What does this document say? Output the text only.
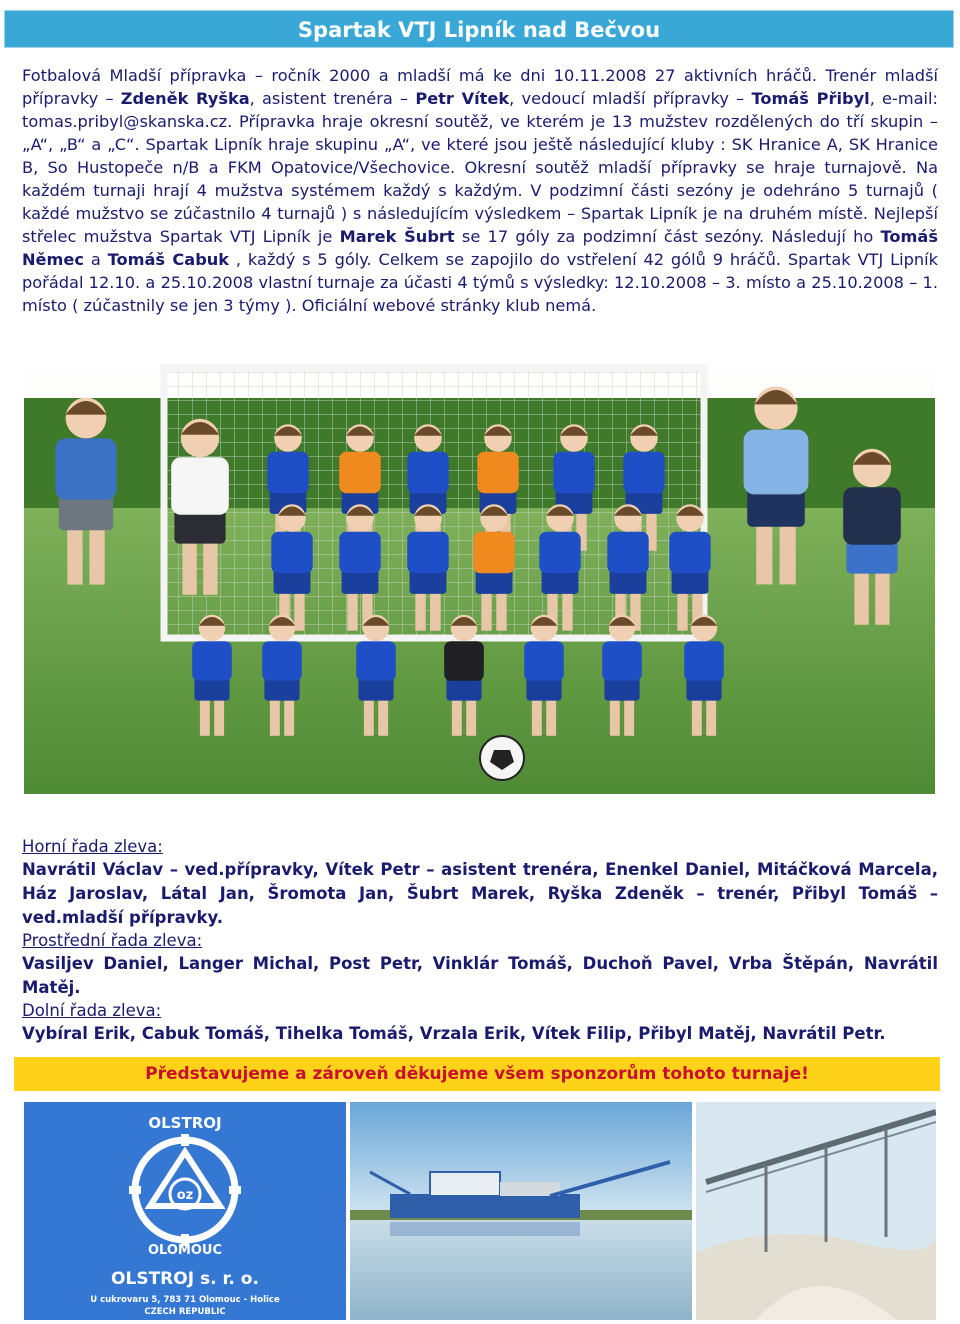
Spartak VTJ Lipník nad Bečvou
Fotbalová Mladší přípravka – ročník 2000 a mladší má ke dni 10.11.2008 27 aktivních hráčů. Trenér mladší přípravky – Zdeněk Ryška, asistent trenéra – Petr Vítek, vedoucí mladší přípravky – Tomáš Přibyl, e-mail: tomas.pribyl@skanska.cz. Přípravka hraje okresní soutěž, ve kterém je 13 mužstev rozdělených do tří skupin – „A“, „B“ a „C“. Spartak Lipník hraje skupinu „A“, ve které jsou ještě následující kluby : SK Hranice A, SK Hranice B, So Hustopeče n/B a FKM Opatovice/Všechovice. Okresní soutěž mladší přípravky se hraje turnajově. Na každém turnaji hrají 4 mužstva systémem každý s každým. V podzimní části sezóny je odehráno 5 turnajů ( každé mužstvo se zúčastnilo 4 turnajů ) s následujícím výsledkem – Spartak Lipník je na druhém místě. Nejlepší střelec mužstva Spartak VTJ Lipník je Marek Šubrt se 17 góly za podzimní část sezóny. Následují ho Tomáš Němec a Tomáš Cabuk , každý s 5 góly. Celkem se zapojilo do vstřelení 42 gólů 9 hráčů. Spartak VTJ Lipník pořádal 12.10. a 25.10.2008 vlastní turnaje za účasti 4 týmů s výsledky: 12.10.2008 – 3. místo a 25.10.2008 – 1. místo ( zúčastnily se jen 3 týmy ). Oficiální webové stránky klub nemá.
Horní řada zleva:
Navrátil Václav – ved.přípravky, Vítek Petr – asistent trenéra, Enenkel Daniel, Mitáčková Marcela, Ház Jaroslav, Látal Jan, Šromota Jan, Šubrt Marek, Ryška Zdeněk – trenér, Přibyl Tomáš – ved.mladší přípravky.
Prostřední řada zleva:
Vasiljev Daniel, Langer Michal, Post Petr, Vinklár Tomáš, Duchoň Pavel, Vrba Štěpán, Navrátil Matěj.
Dolní řada zleva:
Vybíral Erik, Cabuk Tomáš, Tihelka Tomáš, Vrzala Erik, Vítek Filip, Přibyl Matěj, Navrátil Petr.
Představujeme a zároveň děkujeme všem sponzorům tohoto turnaje!
OLSTROJ
oz
OLOMOUC
OLSTROJ s. r. o.
U cukrovaru 5, 783 71 Olomouc - Holice
CZECH REPUBLIC
